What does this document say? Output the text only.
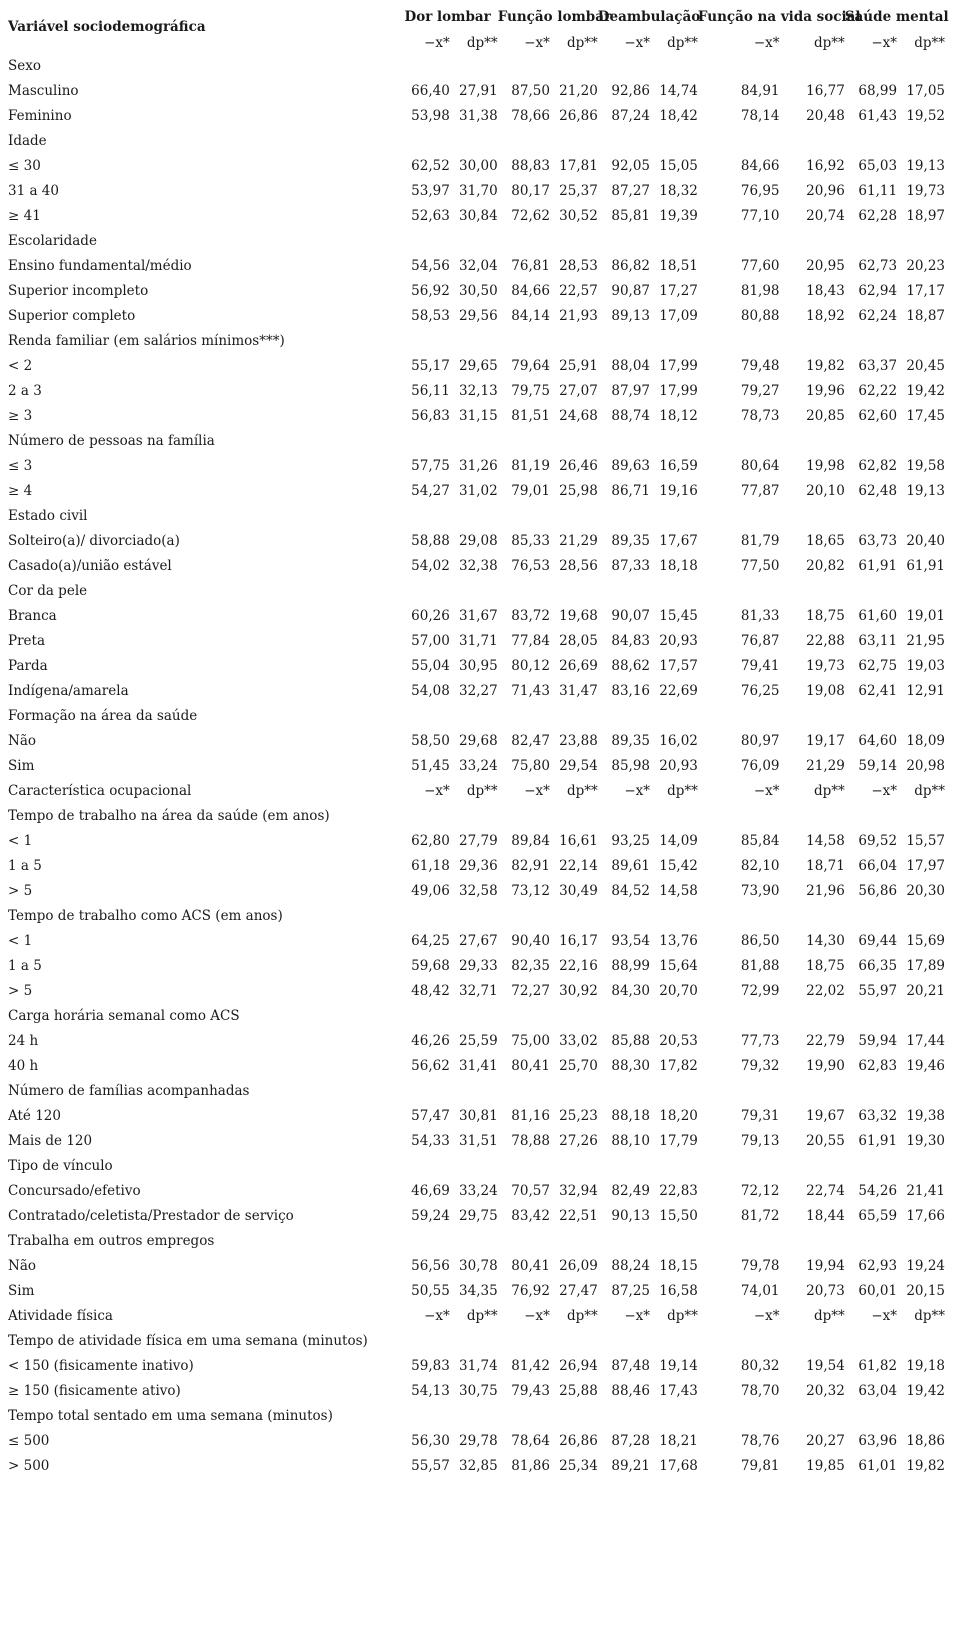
Variável sociodemográfica	Dor lombar		Função lombar		Deambulação		Função na vida social		Saúde mental	
	−x*	dp**	−x*	dp**	−x*	dp**	−x*	dp**	−x*	dp**
Sexo										
Masculino	66,40	27,91	87,50	21,20	92,86	14,74	84,91	16,77	68,99	17,05
Feminino	53,98	31,38	78,66	26,86	87,24	18,42	78,14	20,48	61,43	19,52
Idade										
≤ 30	62,52	30,00	88,83	17,81	92,05	15,05	84,66	16,92	65,03	19,13
31 a 40	53,97	31,70	80,17	25,37	87,27	18,32	76,95	20,96	61,11	19,73
≥ 41	52,63	30,84	72,62	30,52	85,81	19,39	77,10	20,74	62,28	18,97
Escolaridade										
Ensino fundamental/médio	54,56	32,04	76,81	28,53	86,82	18,51	77,60	20,95	62,73	20,23
Superior incompleto	56,92	30,50	84,66	22,57	90,87	17,27	81,98	18,43	62,94	17,17
Superior completo	58,53	29,56	84,14	21,93	89,13	17,09	80,88	18,92	62,24	18,87
Renda familiar (em salários mínimos***)										
< 2	55,17	29,65	79,64	25,91	88,04	17,99	79,48	19,82	63,37	20,45
2 a 3	56,11	32,13	79,75	27,07	87,97	17,99	79,27	19,96	62,22	19,42
≥ 3	56,83	31,15	81,51	24,68	88,74	18,12	78,73	20,85	62,60	17,45
Número de pessoas na família										
≤ 3	57,75	31,26	81,19	26,46	89,63	16,59	80,64	19,98	62,82	19,58
≥ 4	54,27	31,02	79,01	25,98	86,71	19,16	77,87	20,10	62,48	19,13
Estado civil										
Solteiro(a)/ divorciado(a)	58,88	29,08	85,33	21,29	89,35	17,67	81,79	18,65	63,73	20,40
Casado(a)/união estável	54,02	32,38	76,53	28,56	87,33	18,18	77,50	20,82	61,91	61,91
Cor da pele										
Branca	60,26	31,67	83,72	19,68	90,07	15,45	81,33	18,75	61,60	19,01
Preta	57,00	31,71	77,84	28,05	84,83	20,93	76,87	22,88	63,11	21,95
Parda	55,04	30,95	80,12	26,69	88,62	17,57	79,41	19,73	62,75	19,03
Indígena/amarela	54,08	32,27	71,43	31,47	83,16	22,69	76,25	19,08	62,41	12,91
Formação na área da saúde										
Não	58,50	29,68	82,47	23,88	89,35	16,02	80,97	19,17	64,60	18,09
Sim	51,45	33,24	75,80	29,54	85,98	20,93	76,09	21,29	59,14	20,98
Característica ocupacional	−x*	dp**	−x*	dp**	−x*	dp**	−x*	dp**	−x*	dp**
Tempo de trabalho na área da saúde (em anos)										
< 1	62,80	27,79	89,84	16,61	93,25	14,09	85,84	14,58	69,52	15,57
1 a 5	61,18	29,36	82,91	22,14	89,61	15,42	82,10	18,71	66,04	17,97
> 5	49,06	32,58	73,12	30,49	84,52	14,58	73,90	21,96	56,86	20,30
Tempo de trabalho como ACS (em anos)										
< 1	64,25	27,67	90,40	16,17	93,54	13,76	86,50	14,30	69,44	15,69
1 a 5	59,68	29,33	82,35	22,16	88,99	15,64	81,88	18,75	66,35	17,89
> 5	48,42	32,71	72,27	30,92	84,30	20,70	72,99	22,02	55,97	20,21
Carga horária semanal como ACS										
24 h	46,26	25,59	75,00	33,02	85,88	20,53	77,73	22,79	59,94	17,44
40 h	56,62	31,41	80,41	25,70	88,30	17,82	79,32	19,90	62,83	19,46
Número de famílias acompanhadas										
Até 120	57,47	30,81	81,16	25,23	88,18	18,20	79,31	19,67	63,32	19,38
Mais de 120	54,33	31,51	78,88	27,26	88,10	17,79	79,13	20,55	61,91	19,30
Tipo de vínculo										
Concursado/efetivo	46,69	33,24	70,57	32,94	82,49	22,83	72,12	22,74	54,26	21,41
Contratado/celetista/Prestador de serviço	59,24	29,75	83,42	22,51	90,13	15,50	81,72	18,44	65,59	17,66
Trabalha em outros empregos										
Não	56,56	30,78	80,41	26,09	88,24	18,15	79,78	19,94	62,93	19,24
Sim	50,55	34,35	76,92	27,47	87,25	16,58	74,01	20,73	60,01	20,15
Atividade física	−x*	dp**	−x*	dp**	−x*	dp**	−x*	dp**	−x*	dp**
Tempo de atividade física em uma semana (minutos)										
< 150 (fisicamente inativo)	59,83	31,74	81,42	26,94	87,48	19,14	80,32	19,54	61,82	19,18
≥ 150 (fisicamente ativo)	54,13	30,75	79,43	25,88	88,46	17,43	78,70	20,32	63,04	19,42
Tempo total sentado em uma semana (minutos)										
≤ 500	56,30	29,78	78,64	26,86	87,28	18,21	78,76	20,27	63,96	18,86
> 500	55,57	32,85	81,86	25,34	89,21	17,68	79,81	19,85	61,01	19,82
